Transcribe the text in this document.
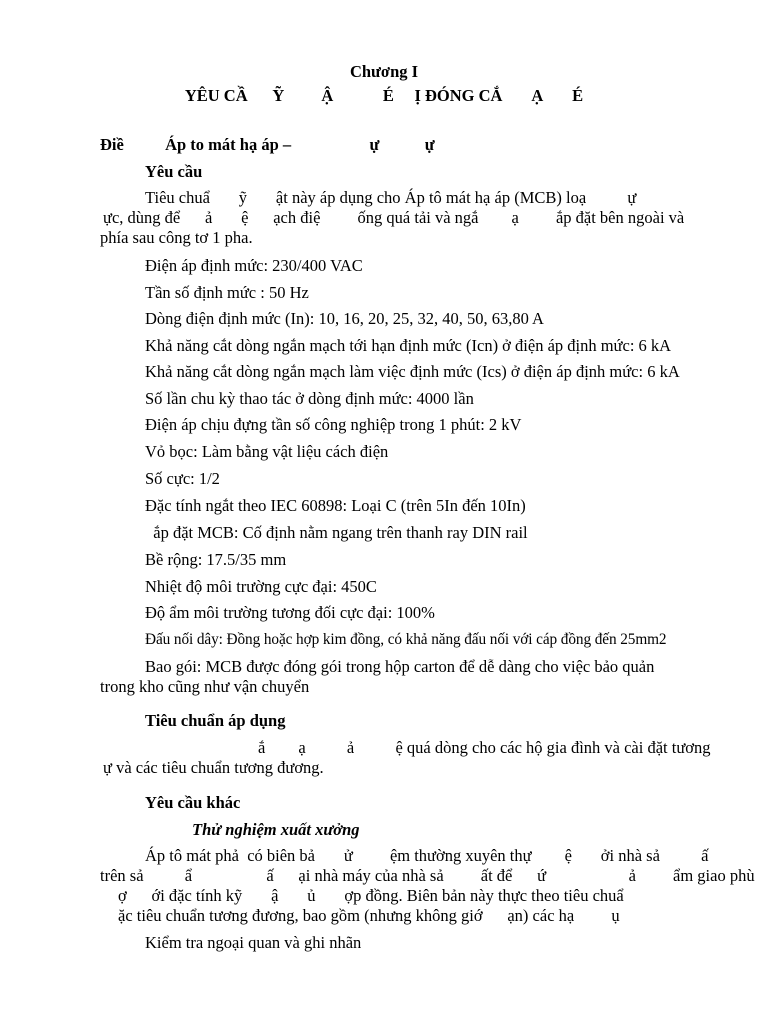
Chương I
YÊU CẦ      Ỹ         Ậ            É     Ị ĐÓNG CẮ       Ạ       É
Điề          Áp to mát hạ áp –                   ự           ự
Yêu cầu
Tiêu chuẩ       ỹ       ật này áp dụng cho Áp tô mát hạ áp (MCB) loạ          ự
ực, dùng để      ả       ệ      ạch điệ         ống quá tải và ngắ        ạ         ắp đặt bên ngoài và
phía sau công tơ 1 pha.
Điện áp định mức: 230/400 VAC
Tần số định mức : 50 Hz
Dòng điện định mức (In): 10, 16, 20, 25, 32, 40, 50, 63,80 A
Khả năng cắt dòng ngắn mạch tới hạn định mức (Icn) ở điện áp định mức: 6 kA
Khả năng cắt dòng ngắn mạch làm việc định mức (Ics) ở điện áp định mức: 6 kA
Số lần chu kỳ thao tác ở dòng định mức: 4000 lần
Điện áp chịu đựng tần số công nghiệp trong 1 phút: 2 kV
Vỏ bọc: Làm bằng vật liệu cách điện
Số cực: 1/2
Đặc tính ngắt theo IEC 60898: Loại C (trên 5In đến 10In)
ắp đặt MCB: Cố định nằm ngang trên thanh ray DIN rail
Bề rộng: 17.5/35 mm
Nhiệt độ môi trường cực đại: 450C
Độ ẩm môi trường tương đối cực đại: 100%
Đấu nối dây: Đồng hoặc hợp kim đồng, có khả năng đấu nối với cáp đồng đến 25mm2
Bao gói: MCB được đóng gói trong hộp carton để dễ dàng cho việc bảo quản
trong kho cũng như vận chuyển
Tiêu chuẩn áp dụng
ắ        ạ          ả          ệ quá dòng cho các hộ gia đình và cài đặt tương
ự và các tiêu chuẩn tương đương.
Yêu cầu khác
Thử nghiệm xuất xưởng
Áp tô mát phả  có biên bả       ử         ệm thường xuyên thự        ệ       ởi nhà sả          ấ
trên sả          ẩ                  ấ      ại nhà máy của nhà sả         ất để      ứ                    ả         ẩm giao phù
ợ      ới đặc tính kỹ       ậ       ủ       ợp đồng. Biên bản này thực theo tiêu chuẩ
ặc tiêu chuẩn tương đương, bao gồm (nhưng không giớ      ạn) các hạ         ụ
Kiểm tra ngoại quan và ghi nhãn
